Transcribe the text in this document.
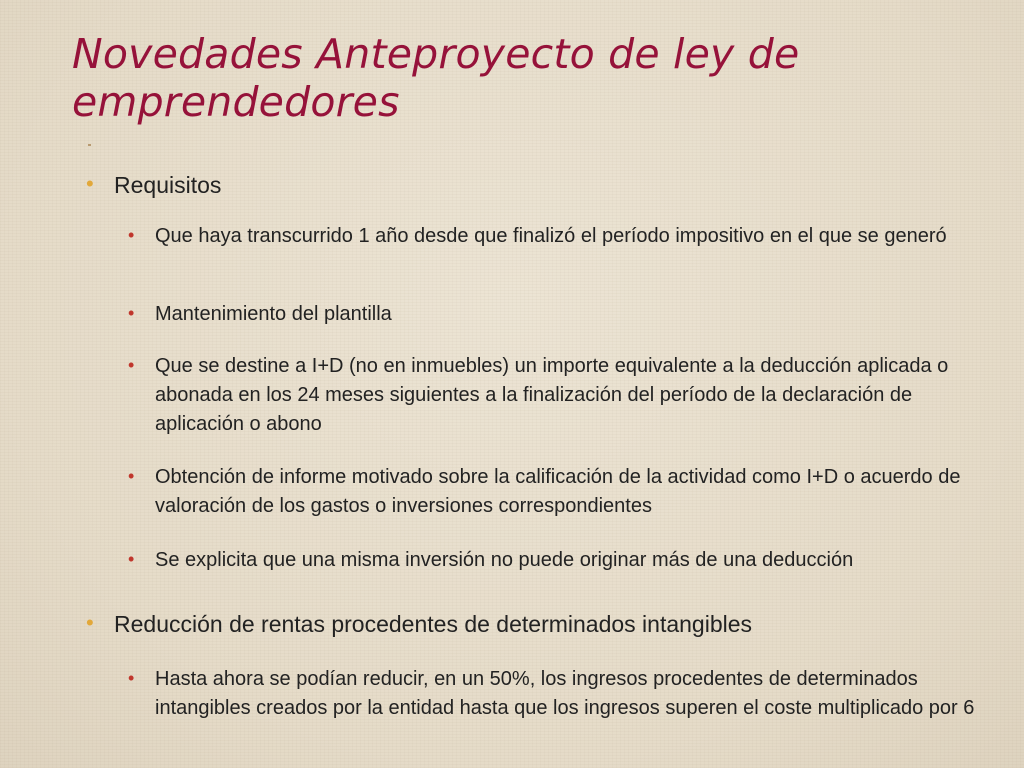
Novedades Anteproyecto de ley de emprendedores
• Requisitos
• Que haya transcurrido 1 año desde que finalizó el período impositivo en el que se generó
• Mantenimiento del plantilla
• Que se destine a I+D (no en inmuebles) un importe equivalente a la deducción aplicada o abonada en los 24 meses siguientes a la finalización del período de la declaración de aplicación o abono
• Obtención de informe motivado sobre la calificación de la actividad como I+D o acuerdo de valoración de los gastos o inversiones correspondientes
• Se explicita que una misma inversión no puede originar más de una deducción
• Reducción de rentas procedentes de determinados intangibles
• Hasta ahora se podían reducir, en un 50%, los ingresos procedentes de determinados intangibles creados por la entidad hasta que los ingresos superen el coste multiplicado por 6
